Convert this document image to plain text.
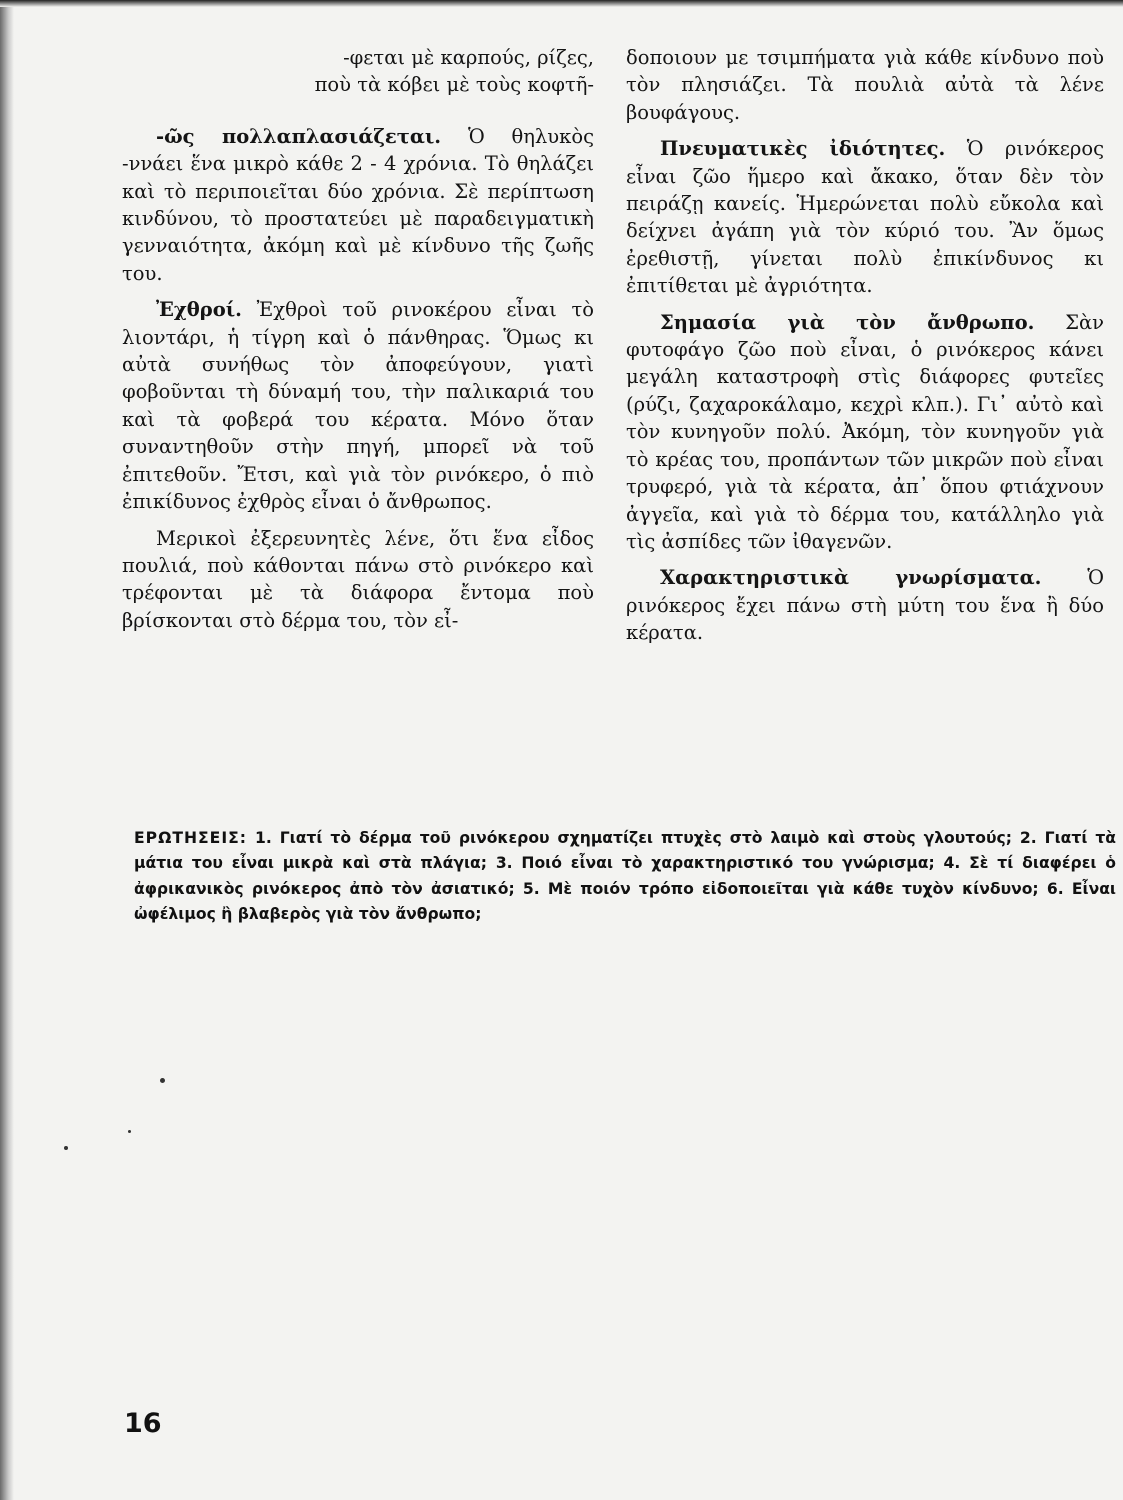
-φεται μὲ καρπούς, ρίζες,
ποὺ τὰ κόβει μὲ τοὺς κοφτῆ-

-ῶς πολλαπλασιάζεται. Ὁ θηλυκὸς -ννάει ἕνα μικρὸ κάθε 2 - 4 χρόνια. Τὸ θηλάζει καὶ τὸ περιποιεῖται δύο χρόνια. Σὲ περίπτωση κινδύνου, τὸ προστατεύει μὲ παραδειγματικὴ γενναιότητα, ἀκόμη καὶ μὲ κίνδυνο τῆς ζωῆς του.

Ἐχθροί. Ἐχθροὶ τοῦ ρινοκέρου εἶναι τὸ λιοντάρι, ἡ τίγρη καὶ ὁ πάνθηρας. Ὅμως κι αὐτὰ συνήθως τὸν ἀποφεύγουν, γιατὶ φοβοῦνται τὴ δύναμή του, τὴν παλικαριά του καὶ τὰ φοβερά του κέρατα. Μόνο ὅταν συναντηθοῦν στὴν πηγή, μπορεῖ νὰ τοῦ ἐπιτεθοῦν. Ἔτσι, καὶ γιὰ τὸν ρινόκερο, ὁ πιὸ ἐπικίδυνος ἐχθρὸς εἶναι ὁ ἄνθρωπος.

Μερικοὶ ἐξερευνητὲς λένε, ὅτι ἕνα εἶδος πουλιά, ποὺ κάθονται πάνω στὸ ρινόκερο καὶ τρέφονται μὲ τὰ διάφορα ἔντομα ποὺ βρίσκονται στὸ δέρμα του, τὸν εἶ-

δοποιουν με τσιμπήματα γιὰ κάθε κίνδυνο ποὺ τὸν πλησιάζει. Τὰ πουλιὰ αὐτὰ τὰ λένε βουφάγους.

Πνευματικὲς ἰδιότητες. Ὁ ρινόκερος εἶναι ζῶο ἥμερο καὶ ἄκακο, ὅταν δὲν τὸν πειράζῃ κανείς. Ἡμερώνεται πολὺ εὔκολα καὶ δείχνει ἀγάπη γιὰ τὸν κύριό του. Ἂν ὅμως ἐρεθιστῇ, γίνεται πολὺ ἐπικίνδυνος κι ἐπιτίθεται μὲ ἀγριότητα.

Σημασία γιὰ τὸν ἄνθρωπο. Σὰν φυτοφάγο ζῶο ποὺ εἶναι, ὁ ρινόκερος κάνει μεγάλη καταστροφὴ στὶς διάφορες φυτεῖες (ρύζι, ζαχαροκάλαμο, κεχρὶ κλπ.). Γι᾿ αὐτὸ καὶ τὸν κυνηγοῦν πολύ. Ἀκόμη, τὸν κυνηγοῦν γιὰ τὸ κρέας του, προπάντων τῶν μικρῶν ποὺ εἶναι τρυφερό, γιὰ τὰ κέρατα, ἀπ᾿ ὅπου φτιάχνουν ἀγγεῖα, καὶ γιὰ τὸ δέρμα του, κατάλληλο γιὰ τὶς ἀσπίδες τῶν ἰθαγενῶν.

Χαρακτηριστικὰ γνωρίσματα. Ὁ ρινόκερος ἔχει πάνω στὴ μύτη του ἕνα ἢ δύο κέρατα.

ΕΡΩΤΗΣΕΙΣ: 1. Γιατί τὸ δέρμα τοῦ ρινόκερου σχηματίζει πτυχὲς στὸ λαιμὸ καὶ στοὺς γλουτούς; 2. Γιατί τὰ μάτια του εἶναι μικρὰ καὶ στὰ πλάγια; 3. Ποιό εἶναι τὸ χαρακτηριστικό του γνώρισμα; 4. Σὲ τί διαφέρει ὁ ἀφρικανικὸς ρινόκερος ἀπὸ τὸν ἀσιατικό; 5. Μὲ ποιόν τρόπο εἰδοποιεῖται γιὰ κάθε τυχὸν κίνδυνο; 6. Εἶναι ὠφέλιμος ἢ βλαβερὸς γιὰ τὸν ἄνθρωπο;
16
